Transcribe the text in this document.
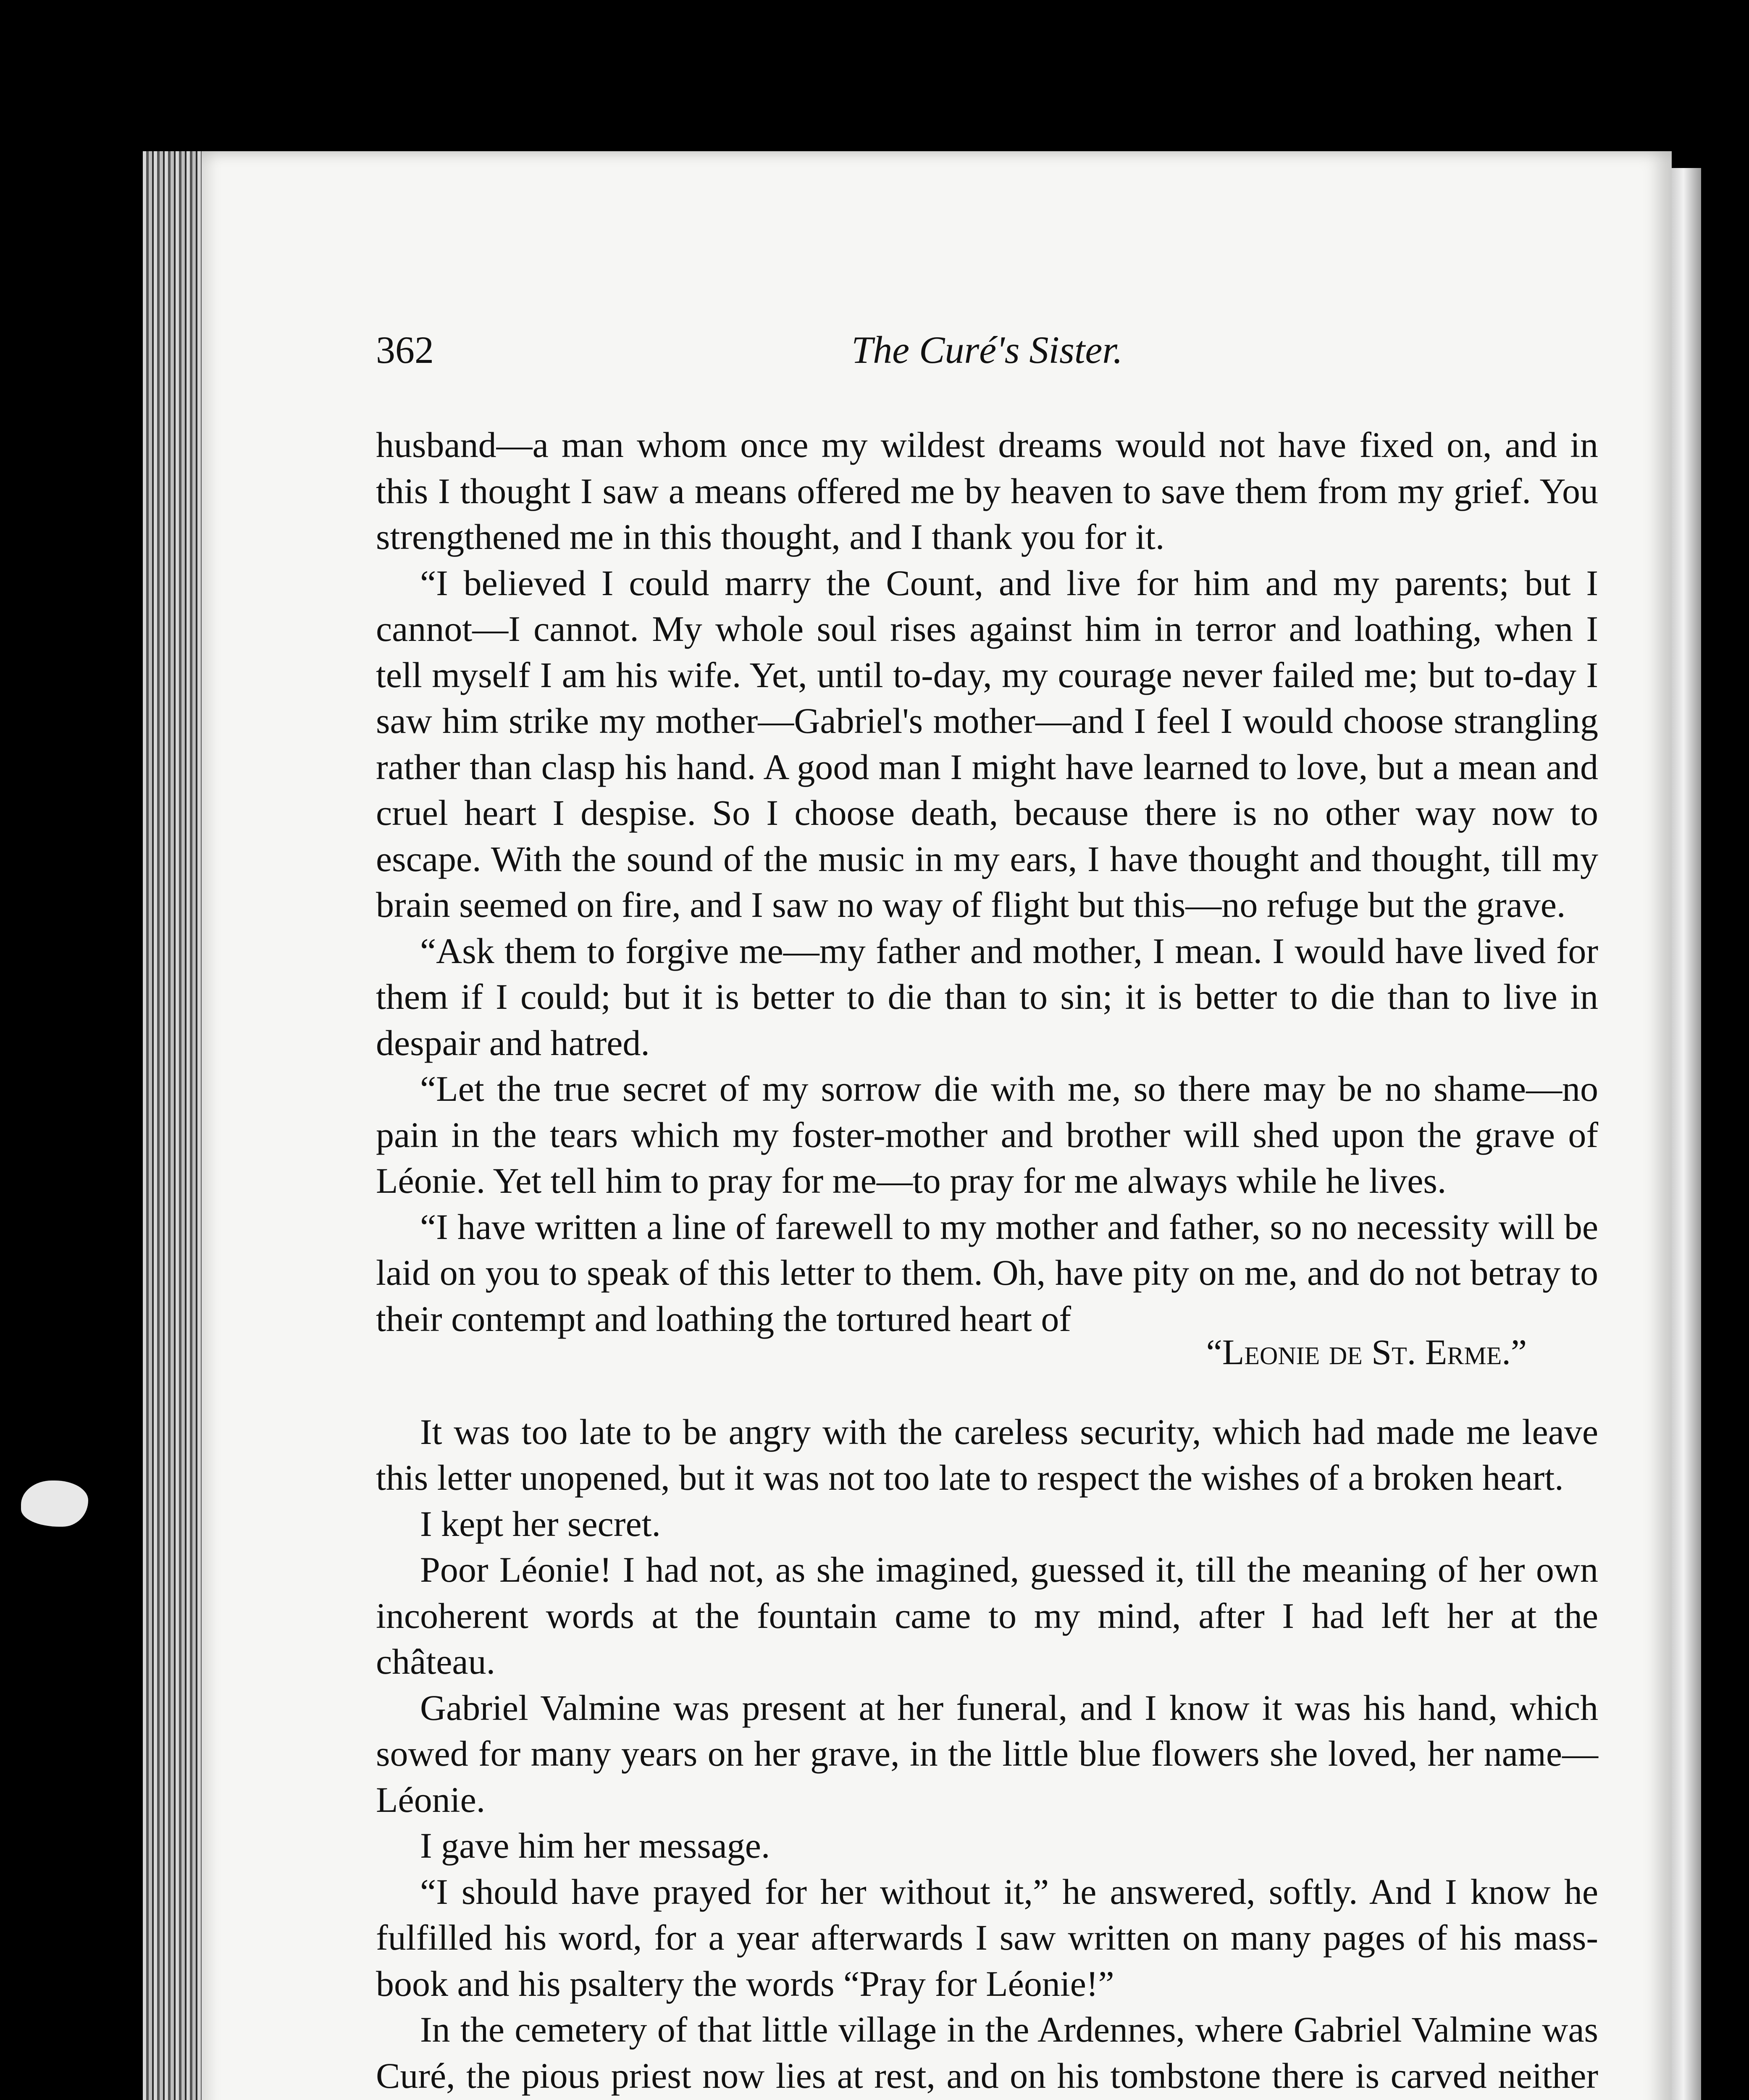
362	The Curé's Sister.

husband—a man whom once my wildest dreams would not have fixed on, and in this I thought I saw a means offered me by heaven to save them from my grief. You strengthened me in this thought, and I thank you for it.

“I believed I could marry the Count, and live for him and my parents; but I cannot—I cannot. My whole soul rises against him in terror and loathing, when I tell myself I am his wife. Yet, until to-day, my courage never failed me; but to-day I saw him strike my mother—Gabriel's mother—and I feel I would choose strangling rather than clasp his hand. A good man I might have learned to love, but a mean and cruel heart I despise. So I choose death, because there is no other way now to escape. With the sound of the music in my ears, I have thought and thought, till my brain seemed on fire, and I saw no way of flight but this—no refuge but the grave.

“Ask them to forgive me—my father and mother, I mean. I would have lived for them if I could; but it is better to die than to sin; it is better to die than to live in despair and hatred.

“Let the true secret of my sorrow die with me, so there may be no shame—no pain in the tears which my foster-mother and brother will shed upon the grave of Léonie. Yet tell him to pray for me—to pray for me always while he lives.

“I have written a line of farewell to my mother and father, so no necessity will be laid on you to speak of this letter to them. Oh, have pity on me, and do not betray to their contempt and loathing the tortured heart of

“Leonie de St. Erme.”

It was too late to be angry with the careless security, which had made me leave this letter unopened, but it was not too late to respect the wishes of a broken heart.

I kept her secret.

Poor Léonie! I had not, as she imagined, guessed it, till the meaning of her own incoherent words at the fountain came to my mind, after I had left her at the château.

Gabriel Valmine was present at her funeral, and I know it was his hand, which sowed for many years on her grave, in the little blue flowers she loved, her name—Léonie.

I gave him her message.

“I should have prayed for her without it,” he answered, softly. And I know he fulfilled his word, for a year afterwards I saw written on many pages of his mass-book and his psaltery the words “Pray for Léonie!”

In the cemetery of that little village in the Ardennes, where Gabriel Valmine was Curé, the pious priest now lies at rest, and on his tombstone there is carved neither
